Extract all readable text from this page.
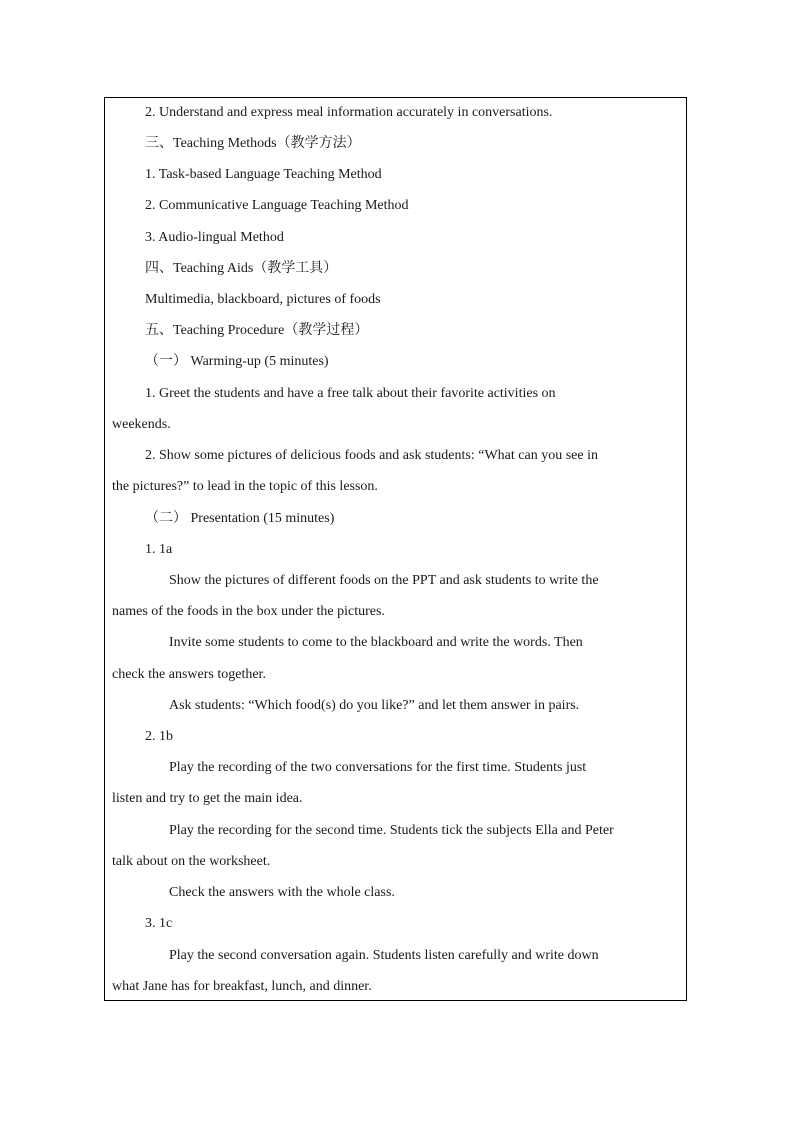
·
·
2. Understand and express meal information accurately in conversations.
三、Teaching Methods（教学方法）
1. Task-based Language Teaching Method
2. Communicative Language Teaching Method
3. Audio-lingual Method
四、Teaching Aids（教学工具）
Multimedia, blackboard, pictures of foods
五、Teaching Procedure（教学过程）
（一） Warming-up (5 minutes)
1. Greet the students and have a free talk about their favorite activities on
weekends.
2. Show some pictures of delicious foods and ask students: “What can you see in
the pictures?” to lead in the topic of this lesson.
（二） Presentation (15 minutes)
1. 1a
Show the pictures of different foods on the PPT and ask students to write the
names of the foods in the box under the pictures.
Invite some students to come to the blackboard and write the words. Then
check the answers together.
Ask students: “Which food(s) do you like?” and let them answer in pairs.
2. 1b
Play the recording of the two conversations for the first time. Students just
listen and try to get the main idea.
Play the recording for the second time. Students tick the subjects Ella and Peter
talk about on the worksheet.
Check the answers with the whole class.
3. 1c
Play the second conversation again. Students listen carefully and write down
what Jane has for breakfast, lunch, and dinner.
